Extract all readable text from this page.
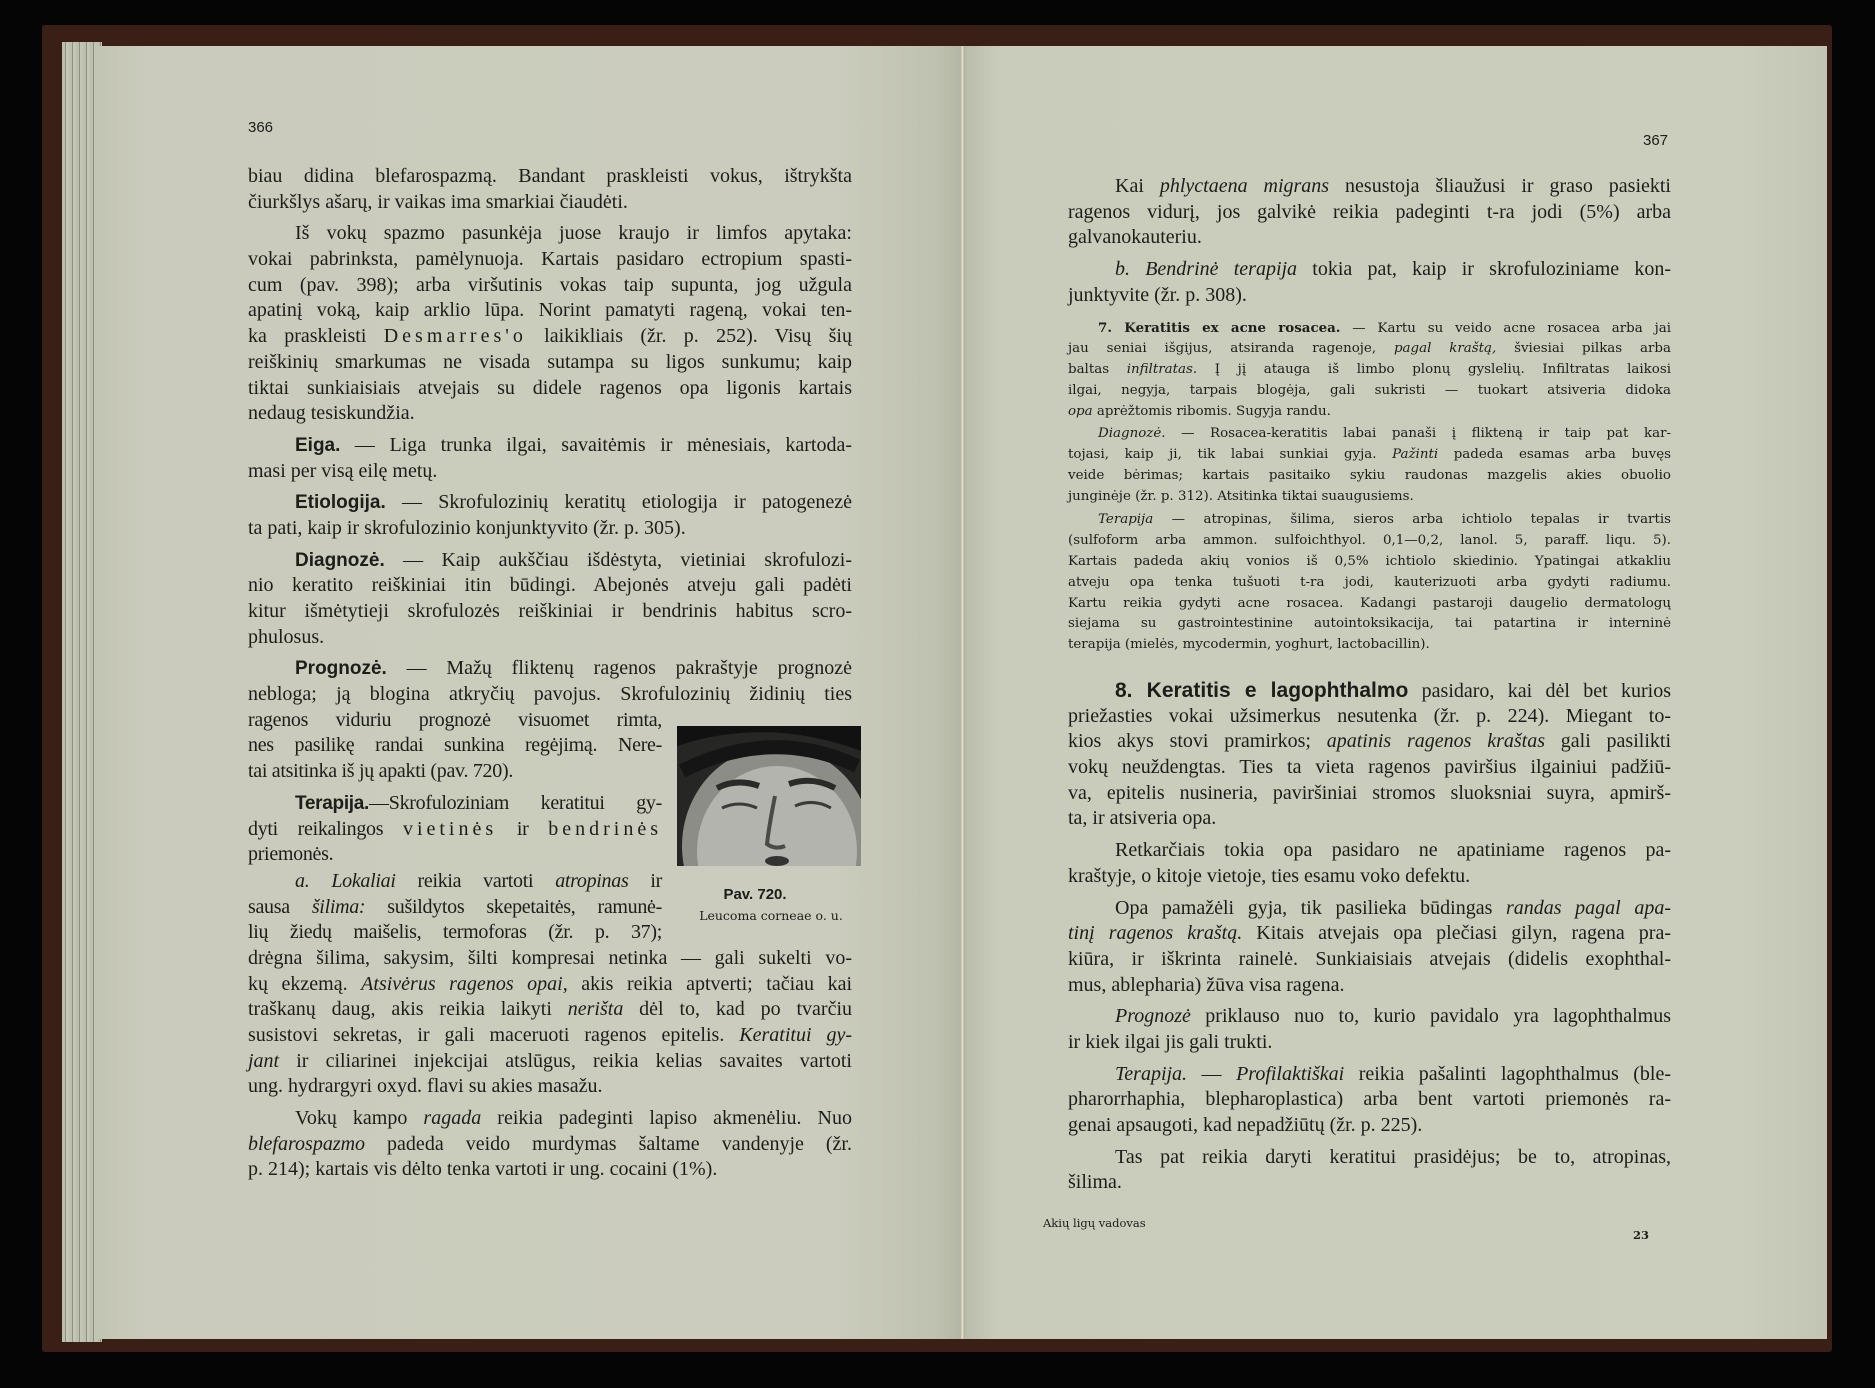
366
367
biau didina blefarospazmą. Bandant praskleisti vokus, ištrykšta
čiurkšlys ašarų, ir vaikas ima smarkiai čiaudėti.
Iš vokų spazmo pasunkėja juose kraujo ir limfos apytaka:
vokai pabrinksta, pamėlynuoja. Kartais pasidaro ectropium spasti-
cum (pav. 398); arba viršutinis vokas taip supunta, jog užgula
apatinį voką, kaip arklio lūpa. Norint pamatyti rageną, vokai ten-
ka praskleisti Desmarres'o laikikliais (žr. p. 252). Visų šių
reiškinių smarkumas ne visada sutampa su ligos sunkumu; kaip
tiktai sunkiaisiais atvejais su didele ragenos opa ligonis kartais
nedaug tesiskundžia.
Eiga. — Liga trunka ilgai, savaitėmis ir mėnesiais, kartoda-
masi per visą eilę metų.
Etiologija. — Skrofulozinių keratitų etiologija ir patogenezė
ta pati, kaip ir skrofulozinio konjunktyvito (žr. p. 305).
Diagnozė. — Kaip aukščiau išdėstyta, vietiniai skrofulozi-
nio keratito reiškiniai itin būdingi. Abejonės atveju gali padėti
kitur išmėtytieji skrofulozės reiškiniai ir bendrinis habitus scro-
phulosus.
Prognozė. — Mažų fliktenų ragenos pakraštyje prognozė
nebloga; ją blogina atkryčių pavojus. Skrofulozinių židinių ties
ragenos viduriu prognozė visuomet rimta,
nes pasilikę randai sunkina regėjimą. Nere-
tai atsitinka iš jų apakti (pav. 720).
Terapija.—Skrofuloziniam keratitui gy-
dyti reikalingos vietinės ir bendrinės
priemonės.
a. Lokaliai reikia vartoti atropinas ir
sausa šilima: sušildytos skepetaitės, ramunė-
lių žiedų maišelis, termoforas (žr. p. 37);
drėgna šilima, sakysim, šilti kompresai netinka — gali sukelti vo-
kų ekzemą. Atsivėrus ragenos opai, akis reikia aptverti; tačiau kai
traškanų daug, akis reikia laikyti nerišta dėl to, kad po tvarčiu
susistovi sekretas, ir gali maceruoti ragenos epitelis. Keratitui gy-
jant ir ciliarinei injekcijai atslūgus, reikia kelias savaites vartoti
ung. hydrargyri oxyd. flavi su akies masažu.
Vokų kampo ragada reikia padeginti lapiso akmenėliu. Nuo
blefarospazmo padeda veido murdymas šaltame vandenyje (žr.
p. 214); kartais vis dėlto tenka vartoti ir ung. cocaini (1%).
Pav. 720.
Leucoma corneae o. u.
Kai phlyctaena migrans nesustoja šliaužusi ir graso pasiekti
ragenos vidurį, jos galvikė reikia padeginti t-ra jodi (5%) arba
galvanokauteriu.
b. Bendrinė terapija tokia pat, kaip ir skrofuloziniame kon-
junktyvite (žr. p. 308).
7. Keratitis ex acne rosacea. — Kartu su veido acne rosacea arba jai
jau seniai išgijus, atsiranda ragenoje, pagal kraštą, šviesiai pilkas arba
baltas infiltratas. Į jį atauga iš limbo plonų gyslelių. Infiltratas laikosi
ilgai, negyja, tarpais blogėja, gali sukristi — tuokart atsiveria didoka
opa aprėžtomis ribomis. Sugyja randu.
Diagnozė. — Rosacea-keratitis labai panaši į flikteną ir taip pat kar-
tojasi, kaip ji, tik labai sunkiai gyja. Pažinti padeda esamas arba buvęs
veide bėrimas; kartais pasitaiko sykiu raudonas mazgelis akies obuolio
junginėje (žr. p. 312). Atsitinka tiktai suaugusiems.
Terapija — atropinas, šilima, sieros arba ichtiolo tepalas ir tvartis
(sulfoform arba ammon. sulfoichthyol. 0,1—0,2, lanol. 5, paraff. liqu. 5).
Kartais padeda akių vonios iš 0,5% ichtiolo skiedinio. Ypatingai atkakliu
atveju opa tenka tušuoti t-ra jodi, kauterizuoti arba gydyti radiumu.
Kartu reikia gydyti acne rosacea. Kadangi pastaroji daugelio dermatologų
siejama su gastrointestinine autointoksikacija, tai patartina ir interninė
terapija (mielės, mycodermin, yoghurt, lactobacillin).
8. Keratitis e lagophthalmo pasidaro, kai dėl bet kurios
priežasties vokai užsimerkus nesutenka (žr. p. 224). Miegant to-
kios akys stovi pramirkos; apatinis ragenos kraštas gali pasilikti
vokų neuždengtas. Ties ta vieta ragenos paviršius ilgainiui padžiū-
va, epitelis nusineria, paviršiniai stromos sluoksniai suyra, apmirš-
ta, ir atsiveria opa.
Retkarčiais tokia opa pasidaro ne apatiniame ragenos pa-
kraštyje, o kitoje vietoje, ties esamu voko defektu.
Opa pamažėli gyja, tik pasilieka būdingas randas pagal apa-
tinį ragenos kraštą. Kitais atvejais opa plečiasi gilyn, ragena pra-
kiūra, ir iškrinta rainelė. Sunkiaisiais atvejais (didelis exophthal-
mus, ablepharia) žūva visa ragena.
Prognozė priklauso nuo to, kurio pavidalo yra lagophthalmus
ir kiek ilgai jis gali trukti.
Terapija. — Profilaktiškai reikia pašalinti lagophthalmus (ble-
pharorrhaphia, blepharoplastica) arba bent vartoti priemonės ra-
genai apsaugoti, kad nepadžiūtų (žr. p. 225).
Tas pat reikia daryti keratitui prasidėjus; be to, atropinas,
šilima.
Akių ligų vadovas
23
